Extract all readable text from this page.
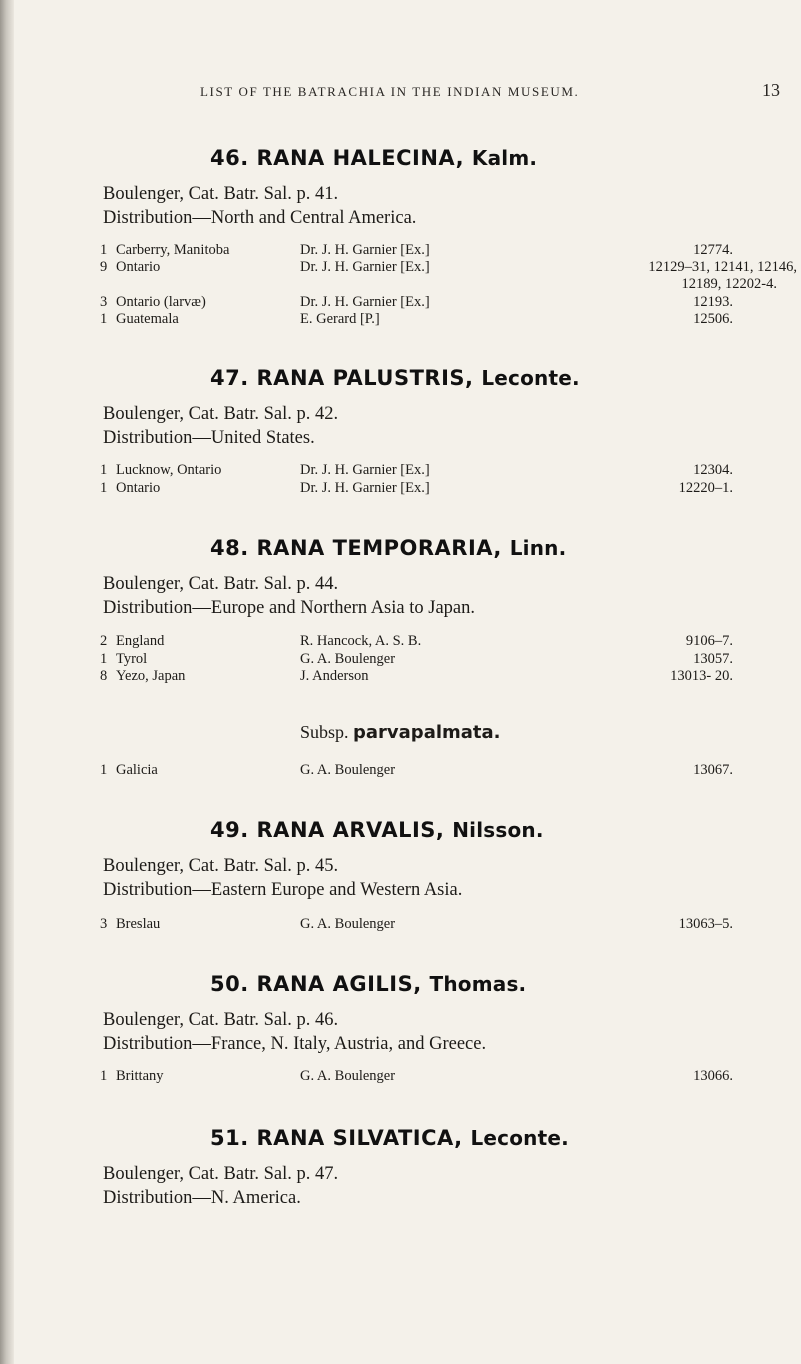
LIST OF THE BATRACHIA IN THE INDIAN MUSEUM.	13
46. RANA HALECINA, Kalm.
Boulenger, Cat. Batr. Sal. p. 41.
Distribution—North and Central America.
1 Carberry, Manitoba	Dr. J. H. Garnier [Ex.]	12774.
9 Ontario	Dr. J. H. Garnier [Ex.]	12129–31, 12141, 12146,
12189, 12202-4.
3 Ontario (larvæ)	Dr. J. H. Garnier [Ex.]	12193.
1 Guatemala	E. Gerard [P.]	12506.
47. RANA PALUSTRIS, Leconte.
Boulenger, Cat. Batr. Sal. p. 42.
Distribution—United States.
1 Lucknow, Ontario	Dr. J. H. Garnier [Ex.]	12304.
1 Ontario	Dr. J. H. Garnier [Ex.]	12220–1.
48. RANA TEMPORARIA, Linn.
Boulenger, Cat. Batr. Sal. p. 44.
Distribution—Europe and Northern Asia to Japan.
2 England	R. Hancock, A. S. B.	9106–7.
1 Tyrol	G. A. Boulenger	13057.
8 Yezo, Japan	J. Anderson	13013- 20.
Subsp. parvapalmata.
1 Galicia	G. A. Boulenger	13067.
49. RANA ARVALIS, Nilsson.
Boulenger, Cat. Batr. Sal. p. 45.
Distribution—Eastern Europe and Western Asia.
3 Breslau	G. A. Boulenger	13063–5.
50. RANA AGILIS, Thomas.
Boulenger, Cat. Batr. Sal. p. 46.
Distribution—France, N. Italy, Austria, and Greece.
1 Brittany	G. A. Boulenger	13066.
51. RANA SILVATICA, Leconte.
Boulenger, Cat. Batr. Sal. p. 47.
Distribution—N. America.
